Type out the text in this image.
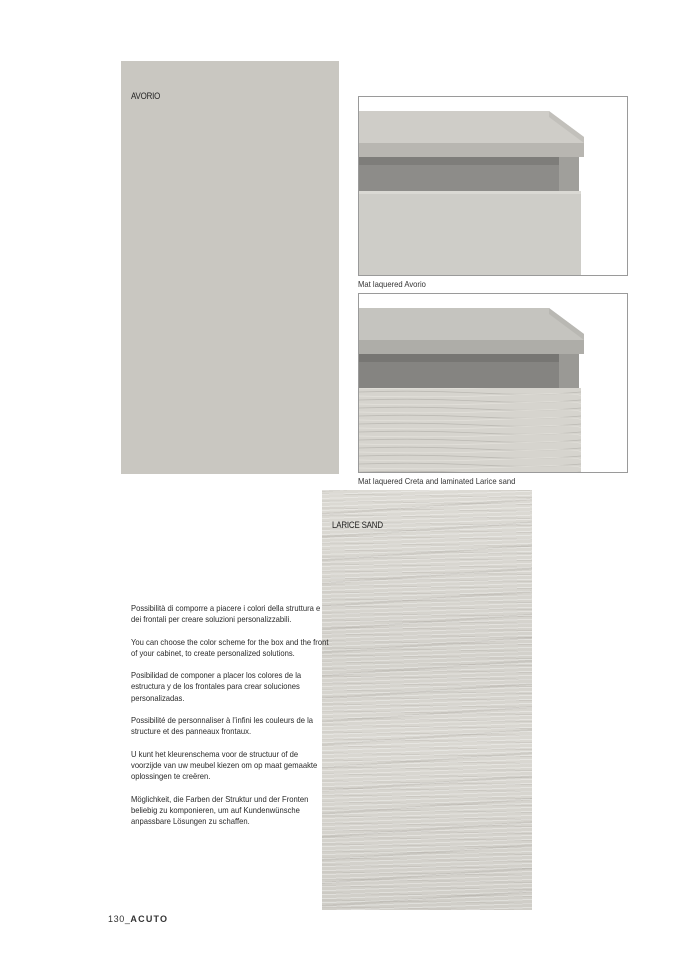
AVORIO
Mat laquered Avorio
Mat laquered Creta and laminated Larice sand
LARICE SAND

Possibilità di comporre a piacere i colori della struttura e dei frontali per creare soluzioni personalizzabili.

You can choose the color scheme for the box and the front of your cabinet, to create personalized solutions.

Posibilidad de componer a placer los colores de la estructura y de los frontales para crear soluciones personalizadas.

Possibilité de personnaliser à l’infini les couleurs de la structure et des panneaux frontaux.

U kunt het kleurenschema voor de structuur of de voorzijde van uw meubel kiezen om op maat gemaakte oplossingen te creëren.

Möglichkeit, die Farben der Struktur und der Fronten beliebig zu komponieren, um auf Kundenwünsche anpassbare Lösungen zu schaffen.

130_ACUTO
